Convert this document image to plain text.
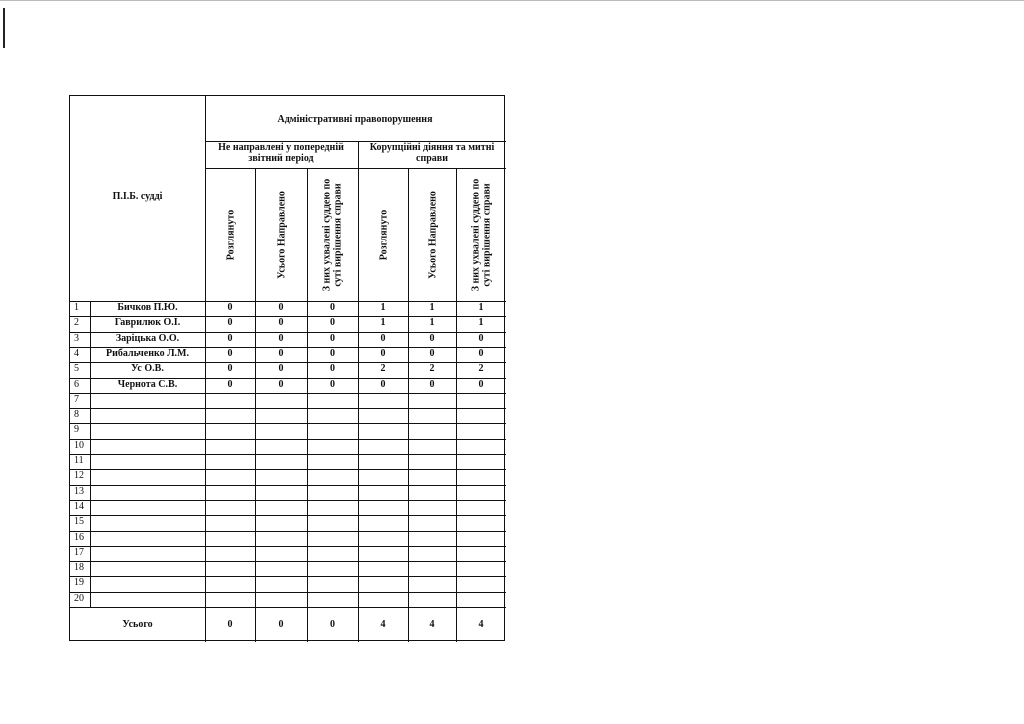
Адміністративні правопорушення
П.І.Б. судді
Не направлені у попередній звітний період
Корупційні діяння та митні справи
Розглянуто	Усього Направлено	З них ухвалені суддею по суті вирішення справи	Розглянуто	Усього Направлено	З них ухвалені суддею по суті вирішення справи
1	Бичков П.Ю.	0	0	0	1	1	1
2	Гаврилюк О.І.	0	0	0	1	1	1
3	Заріцька О.О.	0	0	0	0	0	0
4	Рибальченко Л.М.	0	0	0	0	0	0
5	Ус О.В.	0	0	0	2	2	2
6	Чернота С.В.	0	0	0	0	0	0
7
8
9
10
11
12
13
14
15
16
17
18
19
20
Усього	0	0	0	4	4	4
